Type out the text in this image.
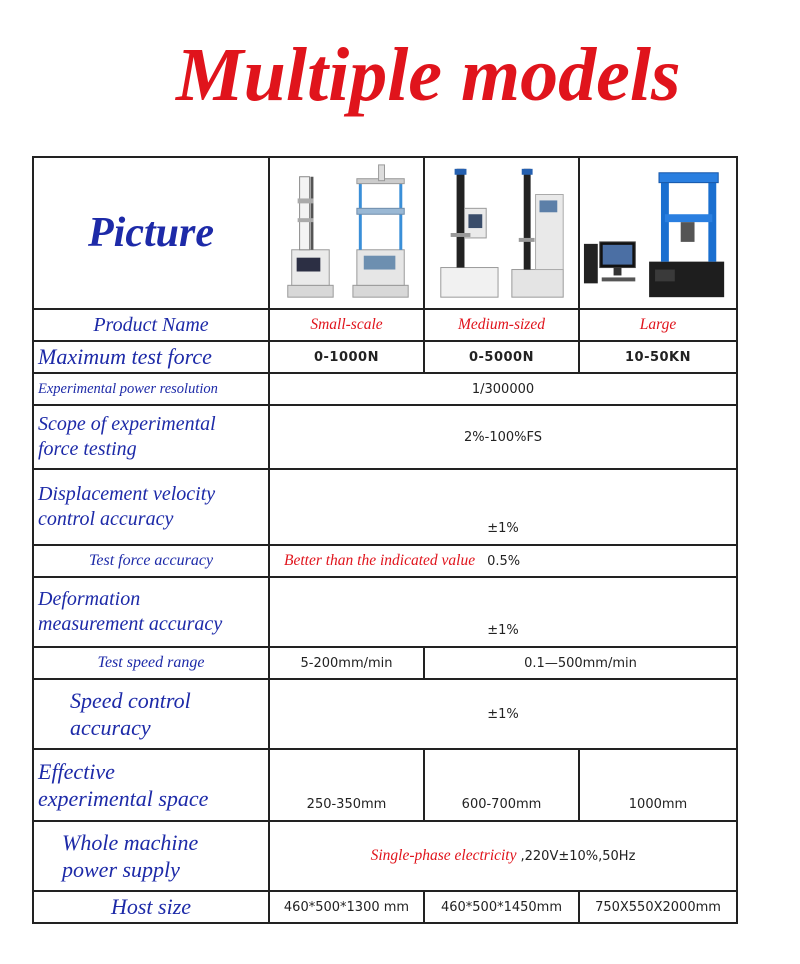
Multiple models
Picture	

Product Name	Small-scale	Medium-sized	Large
Maximum test force	0-1000N	0-5000N	10-50KN
Experimental power resolution	1/300000		

Scope of experimental
force testing	2%-100%FS		

Displacement velocity
control accuracy	±1%		
Test force accuracy	Better than the indicated value 0.5%		

Deformation
measurement accuracy	±1%		
Test speed range	5-200mm/min	0.1—500mm/min	

Speed control
accuracy	±1%		

Effective
experimental space	250-350mm	600-700mm	1000mm

Whole machine
power supply	Single-phase electricity ,220V±10%,50Hz		
Host size	460*500*1300 mm	460*500*1450mm	750X550X2000mm
